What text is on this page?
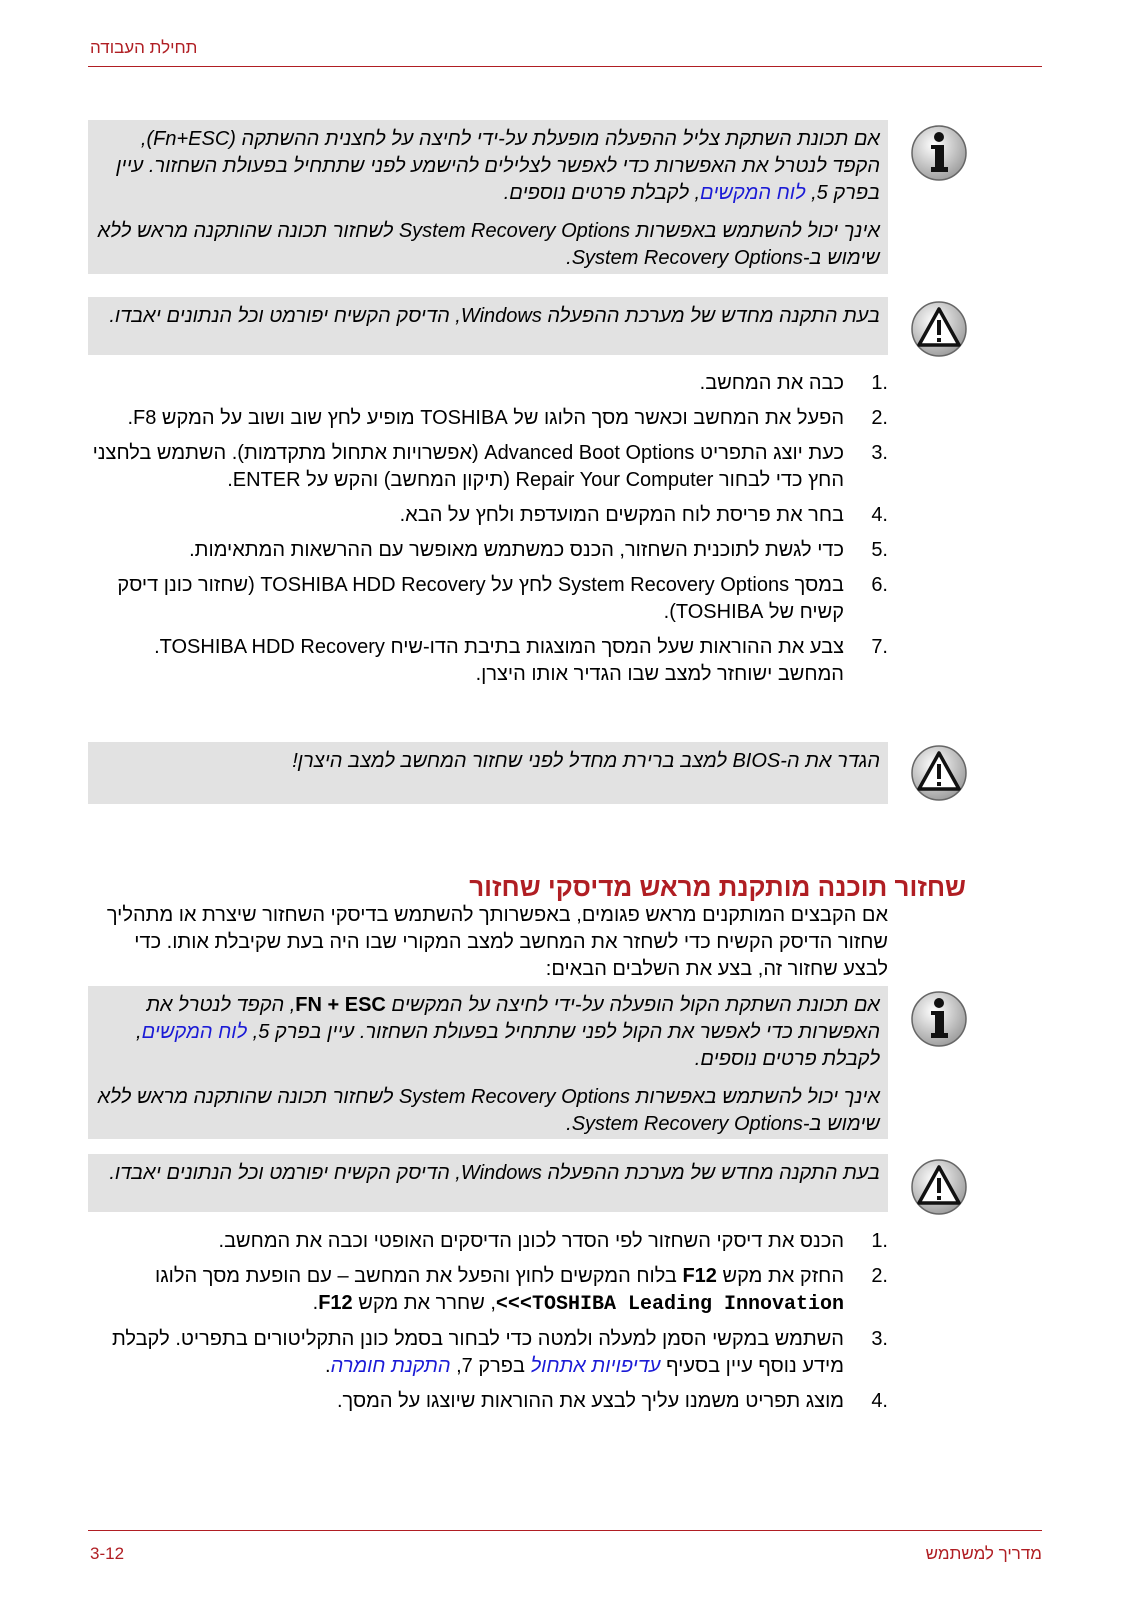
תחילת העבודה

אם תכונת השתקת צליל ההפעלה מופעלת על-ידי לחיצה על לחצנית ההשתקה (Fn+ESC), הקפד לנטרל את האפשרות כדי לאפשר לצלילים להישמע לפני שתתחיל בפעולת השחזור. עיין בפרק 5, לוח המקשים, לקבלת פרטים נוספים.

אינך יכול להשתמש באפשרות System Recovery Options לשחזור תכונה שהותקנה מראש ללא שימוש ב-System Recovery Options.

בעת התקנה מחדש של מערכת ההפעלה Windows, הדיסק הקשיח יפורמט וכל הנתונים יאבדו.

1.
כבה את המחשב.
2.
הפעל את המחשב וכאשר מסך הלוגו של TOSHIBA מופיע לחץ שוב ושוב על המקש F8.
3.
כעת יוצג התפריט Advanced Boot Options (אפשרויות אתחול מתקדמות). השתמש בלחצני החץ כדי לבחור Repair Your Computer (תיקון המחשב) והקש על ENTER.
4.
בחר את פריסת לוח המקשים המועדפת ולחץ על הבא.
5.
כדי לגשת לתוכנית השחזור, הכנס כמשתמש מאופשר עם ההרשאות המתאימות.
6.
במסך System Recovery Options לחץ על TOSHIBA HDD Recovery (שחזור כונן דיסק קשיח של TOSHIBA).
7.
צבע את ההוראות שעל המסך המוצגות בתיבת הדו-שיח TOSHIBA HDD Recovery. המחשב ישוחזר למצב שבו הגדיר אותו היצרן.

הגדר את ה-BIOS למצב ברירת מחדל לפני שחזור המחשב למצב היצרן!

שחזור תוכנה מותקנת מראש מדיסקי שחזור

אם הקבצים המותקנים מראש פגומים, באפשרותך להשתמש בדיסקי השחזור שיצרת או מתהליך שחזור הדיסק הקשיח כדי לשחזר את המחשב למצב המקורי שבו היה בעת שקיבלת אותו. כדי לבצע שחזור זה, בצע את השלבים הבאים:

אם תכונת השתקת הקול הופעלה על-ידי לחיצה על המקשים FN + ESC, הקפד לנטרל את האפשרות כדי לאפשר את הקול לפני שתתחיל בפעולת השחזור. עיין בפרק 5, לוח המקשים, לקבלת פרטים נוספים.

אינך יכול להשתמש באפשרות System Recovery Options לשחזור תכונה שהותקנה מראש ללא שימוש ב-System Recovery Options.

בעת התקנה מחדש של מערכת ההפעלה Windows, הדיסק הקשיח יפורמט וכל הנתונים יאבדו.

1.
הכנס את דיסקי השחזור לפי הסדר לכונן הדיסקים האופטי וכבה את המחשב.
2.
החזק את מקש F12 בלוח המקשים לחוץ והפעל את המחשב – עם הופעת מסך הלוגו TOSHIBA Leading Innovation>>>, שחרר את מקש F12.
3.
השתמש במקשי הסמן למעלה ולמטה כדי לבחור בסמל כונן התקליטורים בתפריט. לקבלת מידע נוסף עיין בסעיף עדיפויות אתחול בפרק 7, התקנת חומרה.
4.
מוצג תפריט משמנו עליך לבצע את ההוראות שיוצגו על המסך.
3-12	מדריך למשתמש
